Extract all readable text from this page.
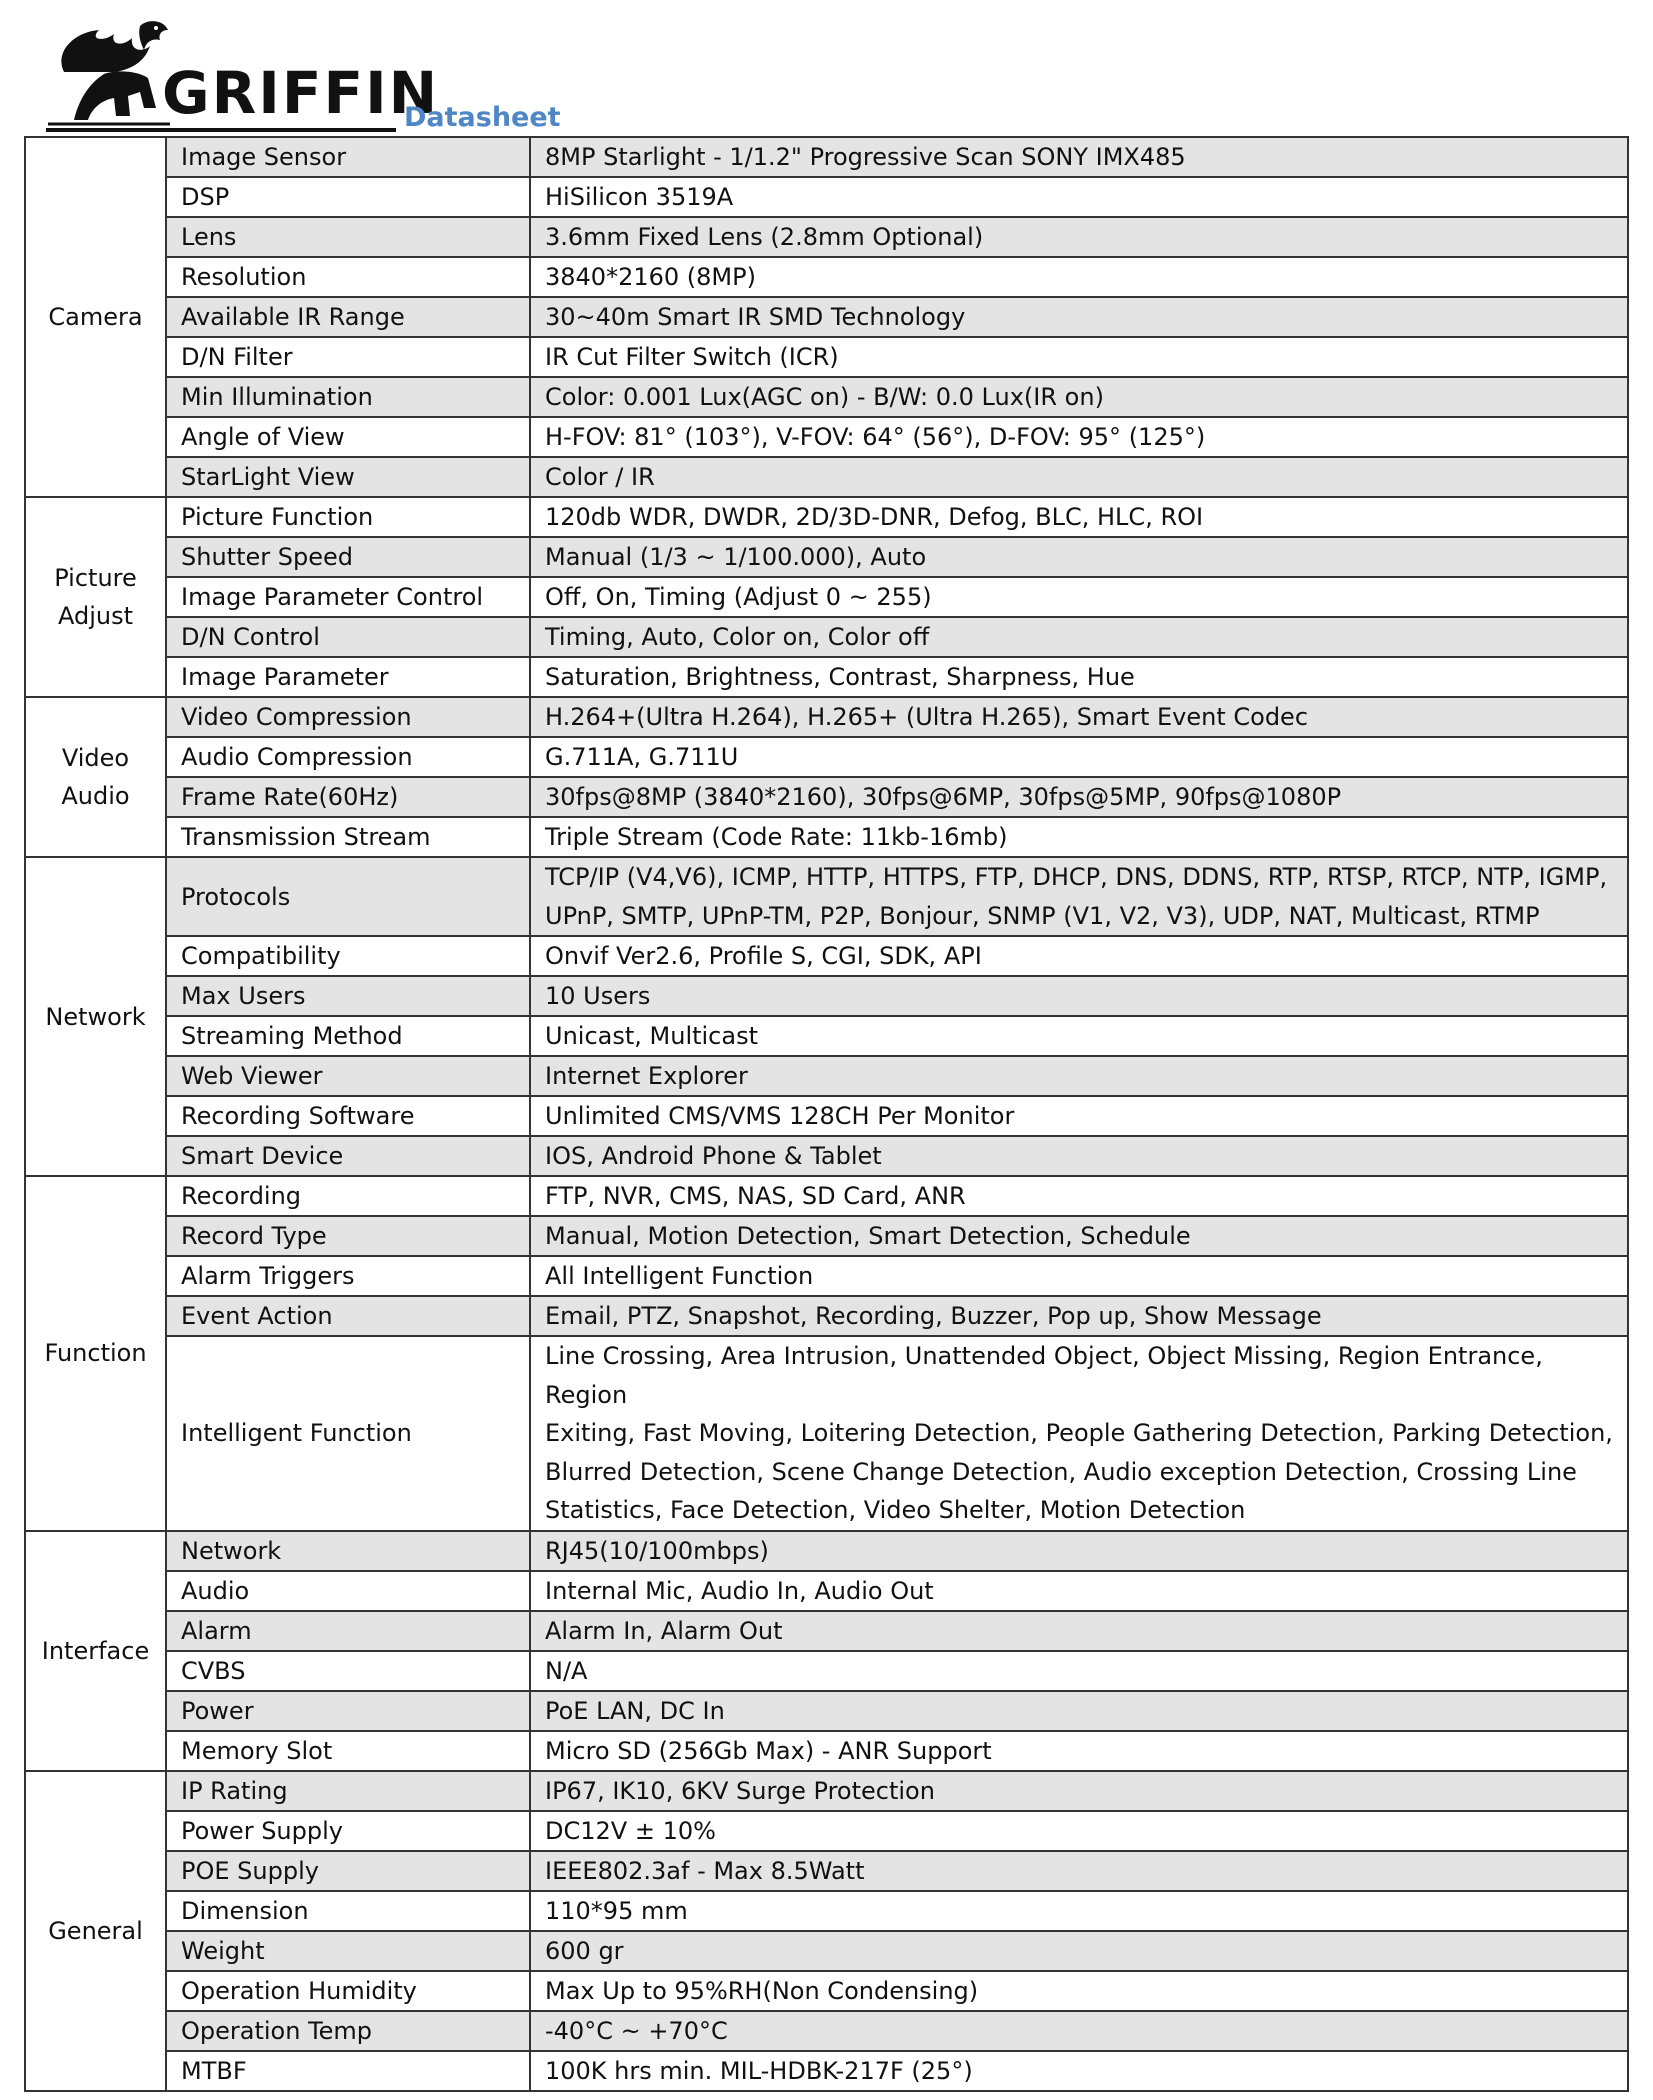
GRIFFIN
Datasheet
Camera	Image Sensor	8MP Starlight - 1/1.2" Progressive Scan SONY IMX485

	DSP	HiSilicon 3519A

	Lens	3.6mm Fixed Lens (2.8mm Optional)

	Resolution	3840*2160 (8MP)

	Available IR Range	30~40m Smart IR SMD Technology

	D/N Filter	IR Cut Filter Switch (ICR)

	Min Illumination	Color: 0.001 Lux(AGC on) - B/W: 0.0 Lux(IR on)

	Angle of View	H-FOV: 81° (103°), V-FOV: 64° (56°), D-FOV: 95° (125°)

	StarLight View	Color / IR

Picture
Adjust	Picture Function	120db WDR, DWDR, 2D/3D-DNR, Defog, BLC, HLC, ROI

	Shutter Speed	Manual (1/3 ~ 1/100.000), Auto

	Image Parameter Control	Off, On, Timing (Adjust 0 ~ 255)

	D/N Control	Timing, Auto, Color on, Color off

	Image Parameter	Saturation, Brightness, Contrast, Sharpness, Hue

Video
Audio	Video Compression	H.264+(Ultra H.264), H.265+ (Ultra H.265), Smart Event Codec

	Audio Compression	G.711A, G.711U

	Frame Rate(60Hz)	30fps@8MP (3840*2160), 30fps@6MP, 30fps@5MP, 90fps@1080P

	Transmission Stream	Triple Stream (Code Rate: 11kb-16mb)

Network	Protocols	TCP/IP (V4,V6), ICMP, HTTP, HTTPS, FTP, DHCP, DNS, DDNS, RTP, RTSP, RTCP, NTP, IGMP,
UPnP, SMTP, UPnP-TM, P2P, Bonjour, SNMP (V1, V2, V3), UDP, NAT, Multicast, RTMP

	Compatibility	Onvif Ver2.6, Profile S, CGI, SDK, API

	Max Users	10 Users

	Streaming Method	Unicast, Multicast

	Web Viewer	Internet Explorer

	Recording Software	Unlimited CMS/VMS 128CH Per Monitor

	Smart Device	IOS, Android Phone & Tablet

Function	Recording	FTP, NVR, CMS, NAS, SD Card, ANR

	Record Type	Manual, Motion Detection, Smart Detection, Schedule

	Alarm Triggers	All Intelligent Function

	Event Action	Email, PTZ, Snapshot, Recording, Buzzer, Pop up, Show Message

	Intelligent Function	Line Crossing, Area Intrusion, Unattended Object, Object Missing, Region Entrance, Region
Exiting, Fast Moving, Loitering Detection, People Gathering Detection, Parking Detection,
Blurred Detection, Scene Change Detection, Audio exception Detection, Crossing Line
Statistics, Face Detection, Video Shelter, Motion Detection

Interface	Network	RJ45(10/100mbps)

	Audio	Internal Mic, Audio In, Audio Out

	Alarm	Alarm In, Alarm Out

	CVBS	N/A

	Power	PoE LAN, DC In

	Memory Slot	Micro SD (256Gb Max) - ANR Support

General	IP Rating	IP67, IK10, 6KV Surge Protection

	Power Supply	DC12V ± 10%

	POE Supply	IEEE802.3af - Max 8.5Watt

	Dimension	110*95 mm

	Weight	600 gr

	Operation Humidity	Max Up to 95%RH(Non Condensing)

	Operation Temp	-40°C ~ +70°C

	MTBF	100K hrs min. MIL-HDBK-217F (25°)
